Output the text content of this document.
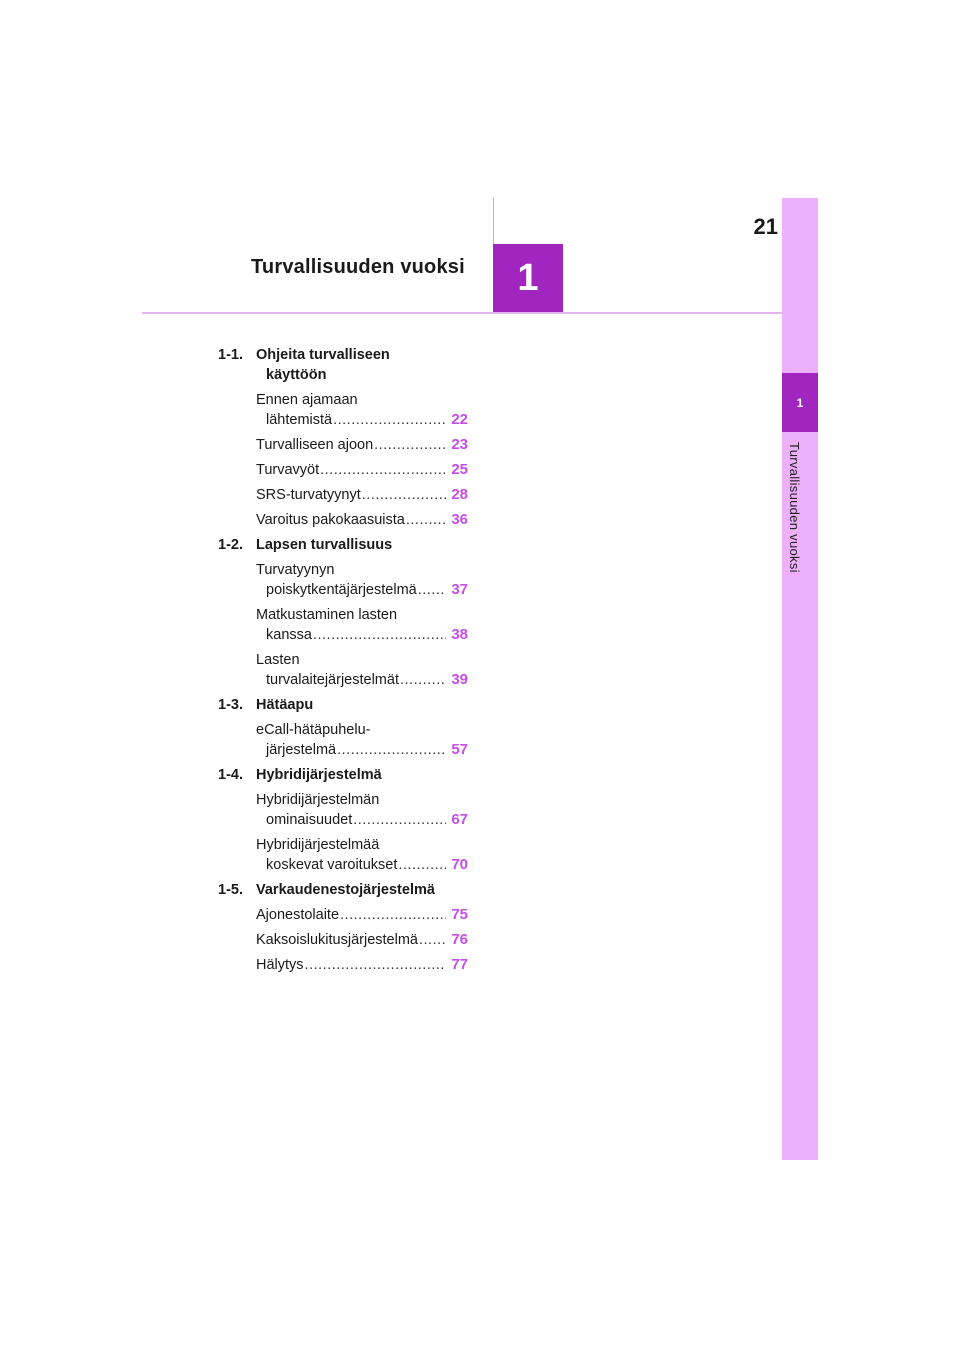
21
Turvallisuuden vuoksi 1
1
Turvallisuuden vuoksi
1-1. Ohjeita turvalliseen
käyttöön
Ennen ajamaan
lähtemistä .....	22
Turvalliseen ajoon .....	23
Turvavyöt .....	25
SRS-turvatyynyt .....	28
Varoitus pakokaasuista .....	36
1-2. Lapsen turvallisuus
Turvatyynyn
poiskytkentäjärjestelmä ..... 37
Matkustaminen lasten
kanssa .....	38
Lasten
turvalaitejärjestelmät .....	39
1-3. Hätäapu
eCall-hätäpuhelu-
järjestelmä .....	57
1-4. Hybridijärjestelmä
Hybridijärjestelmän
ominaisuudet .....	67
Hybridijärjestelmää
koskevat varoitukset .....	70
1-5. Varkaudenestojärjestelmä
Ajonestolaite .....	75
Kaksoislukitusjärjestelmä ..... 76
Hälytys .....	77
